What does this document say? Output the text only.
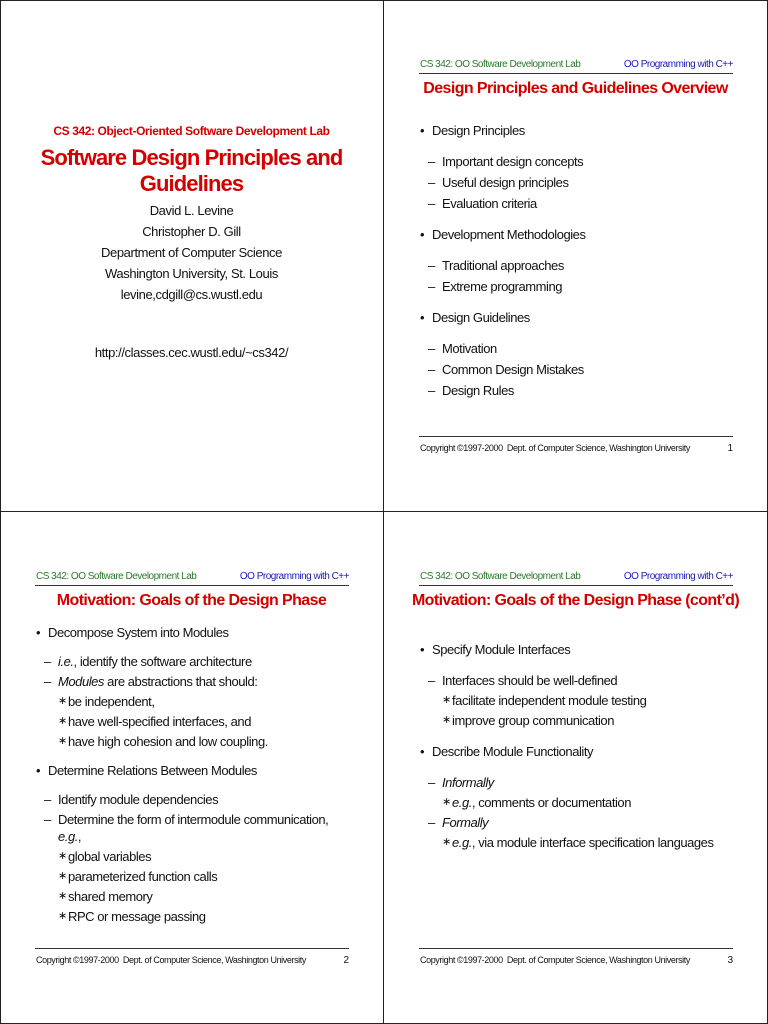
CS 342: Object-Oriented Software Development Lab
Software Design Principles and Guidelines
David L. Levine
Christopher D. Gill
Department of Computer Science
Washington University, St. Louis
levine,cdgill@cs.wustl.edu
http://classes.cec.wustl.edu/~cs342/
CS 342: OO Software Development Lab	OO Programming with C++
Design Principles and Guidelines Overview
• Design Principles
– Important design concepts
– Useful design principles
– Evaluation criteria
• Development Methodologies
– Traditional approaches
– Extreme programming
• Design Guidelines
– Motivation
– Common Design Mistakes
– Design Rules
Copyright ©1997-2000 Dept. of Computer Science, Washington University	1
CS 342: OO Software Development Lab	OO Programming with C++
Motivation: Goals of the Design Phase
• Decompose System into Modules
– i.e., identify the software architecture
– Modules are abstractions that should:
∗ be independent,
∗ have well-specified interfaces, and
∗ have high cohesion and low coupling.
• Determine Relations Between Modules
– Identify module dependencies
– Determine the form of intermodule communication, e.g.,
∗ global variables
∗ parameterized function calls
∗ shared memory
∗ RPC or message passing
Copyright ©1997-2000 Dept. of Computer Science, Washington University	2
CS 342: OO Software Development Lab	OO Programming with C++
Motivation: Goals of the Design Phase (cont’d)
• Specify Module Interfaces
– Interfaces should be well-defined
∗ facilitate independent module testing
∗ improve group communication
• Describe Module Functionality
– Informally
∗ e.g., comments or documentation
– Formally
∗ e.g., via module interface specification languages
Copyright ©1997-2000 Dept. of Computer Science, Washington University	3
